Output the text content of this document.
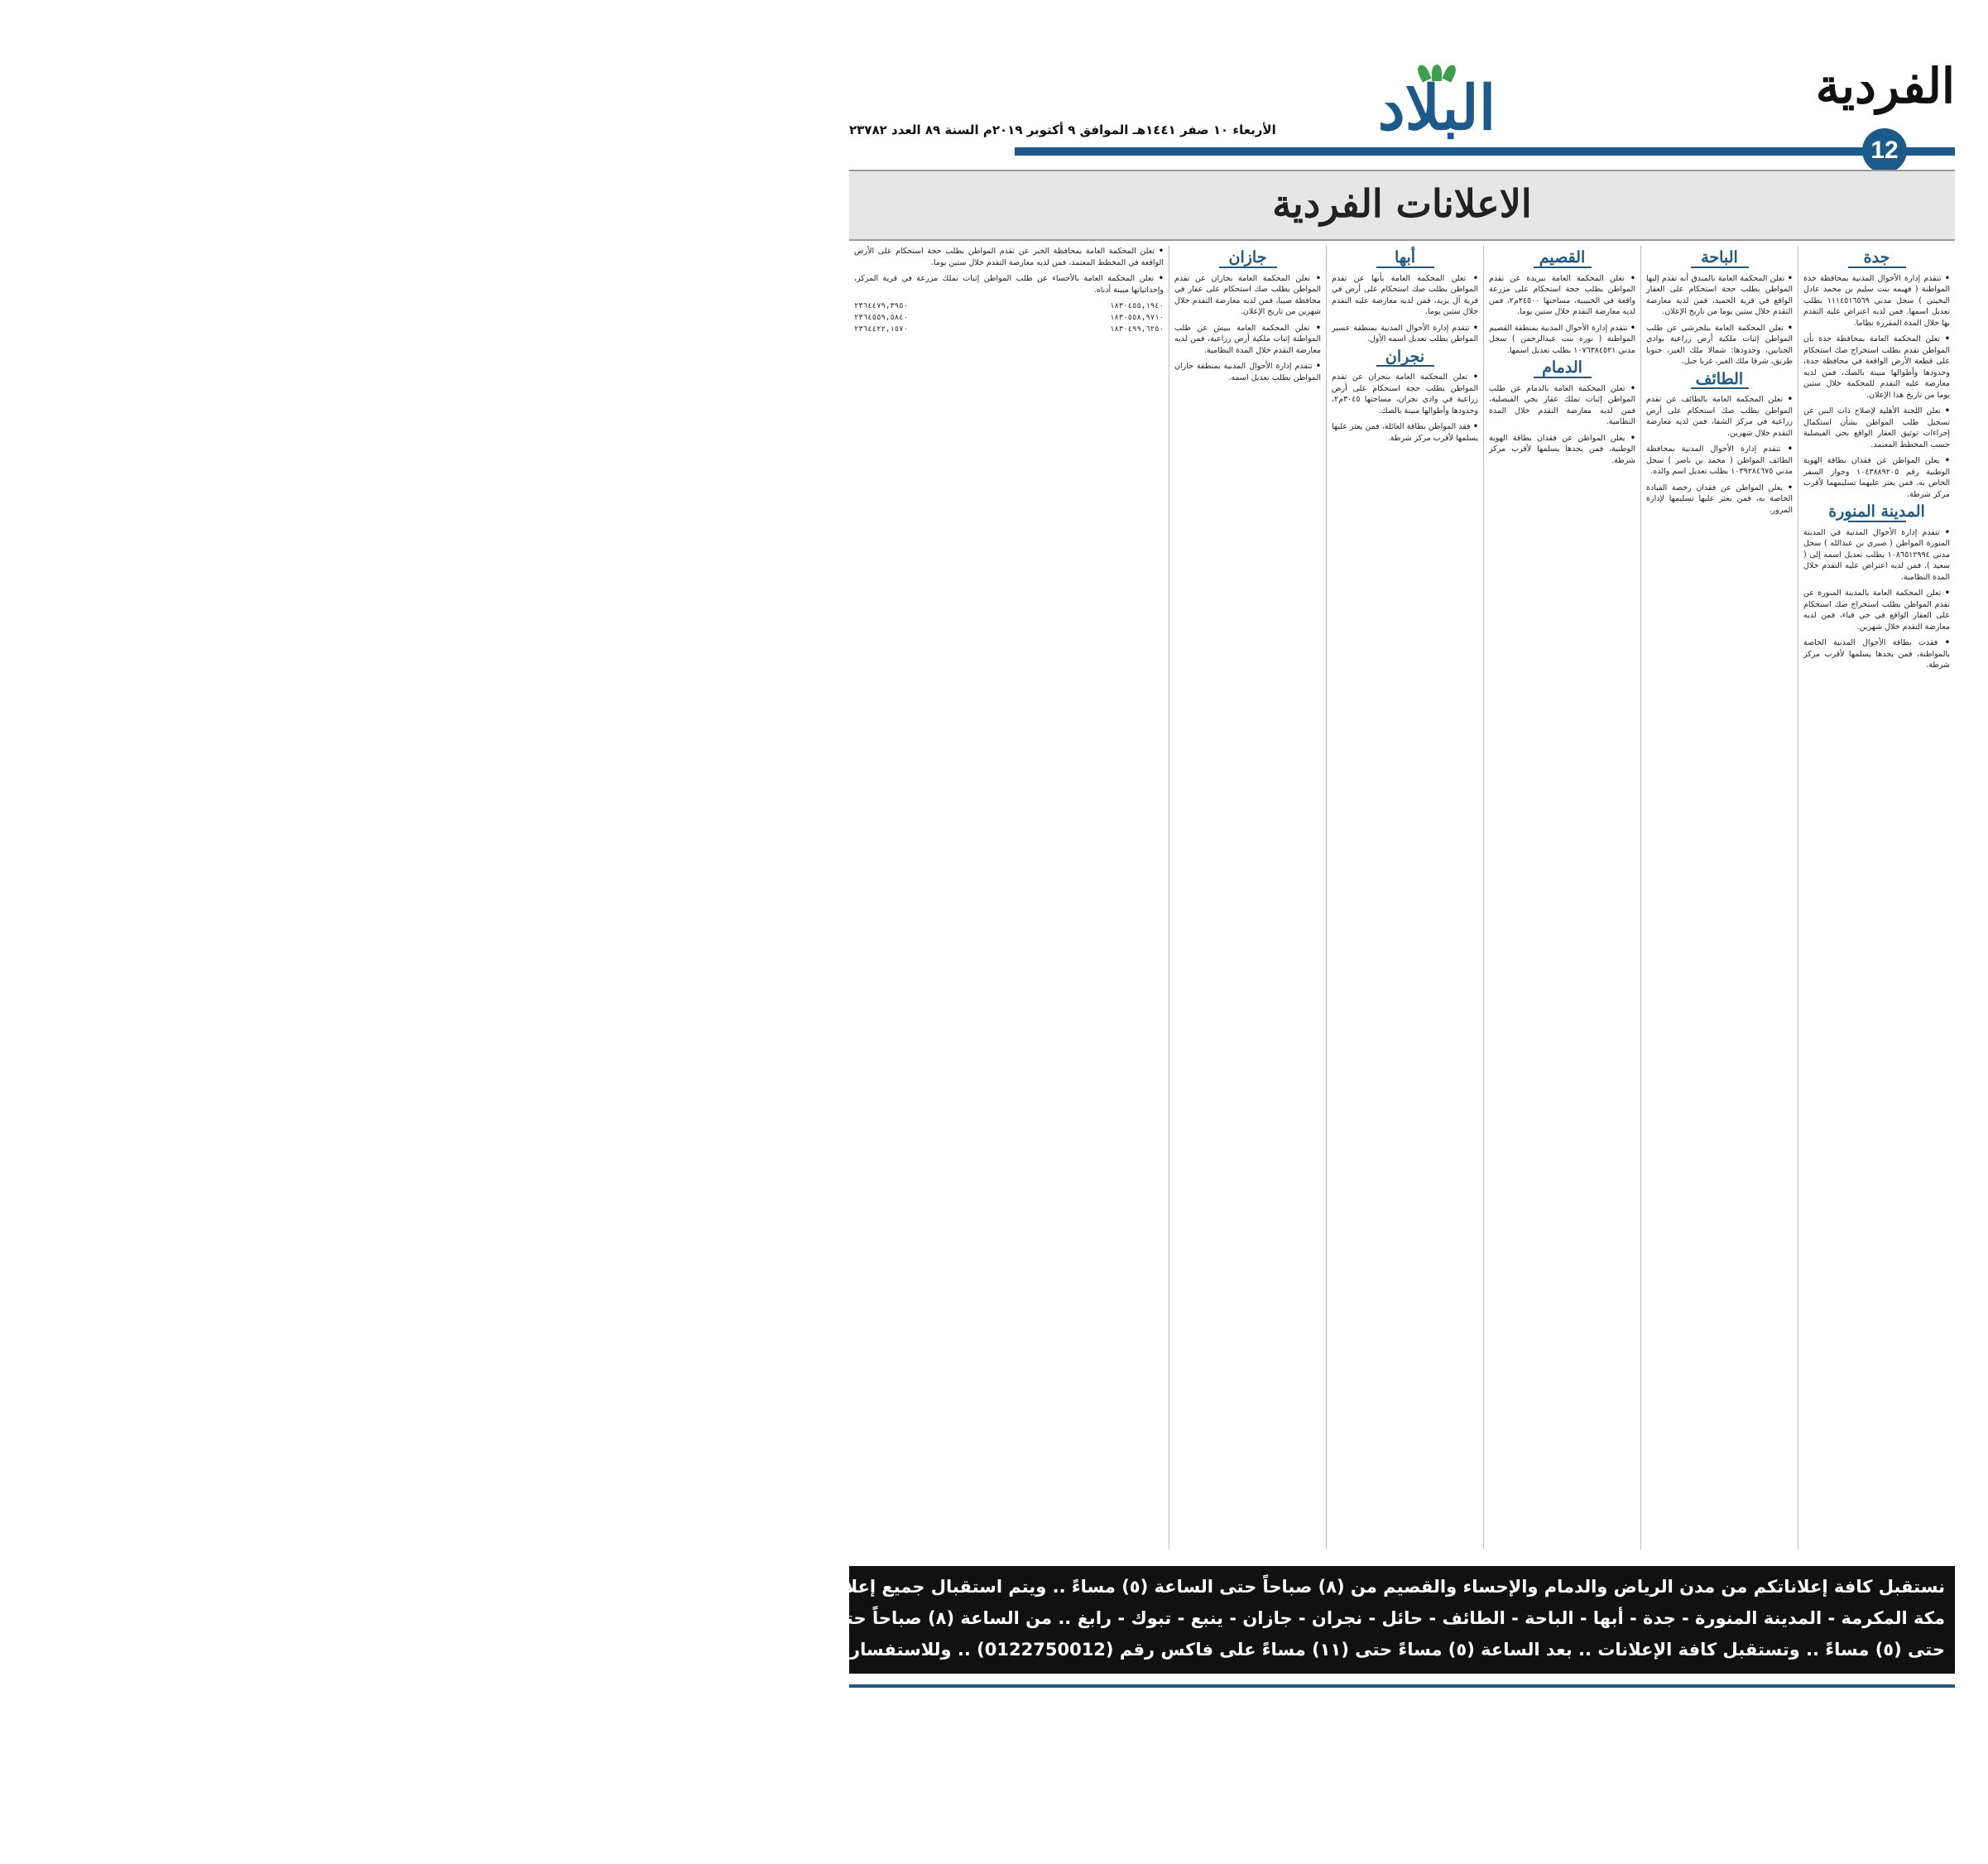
الفردية
12
البلاد
الأربعاء ١٠ صفر ١٤٤١هـ الموافق ٩ أكتوبر ٢٠١٩م السنة ٨٩ العدد ٢٣٧٨٢
الاعلانات الفردية
جدة

• تتقدم إدارة الأحوال المدنية بمحافظة جدة المواطنة ( فهيمه بنت سليم بن محمد عادل البخيتي ) سجل مدني ١١١٤٥١٦٥٦٩ بطلب تعديل اسمها. فمن لديه اعتراض عليه التقدم بها خلال المدة المقررة نظاما.

• تعلن المحكمة العامة بمحافظة جدة بأن المواطن تقدم بطلب استخراج صك استحكام على قطعة الأرض الواقعة في محافظة جدة، وحدودها وأطوالها مبينة بالصك، فمن لديه معارضة عليه التقدم للمحكمة خلال ستين يوما من تاريخ هذا الإعلان.

• تعلن اللجنة الأهلية لإصلاح ذات البين عن تسجيل طلب المواطن بشأن استكمال إجراءات توثيق العقار الواقع بحي الفيصلية حسب المخطط المعتمد.

• يعلن المواطن عن فقدان بطاقة الهوية الوطنية رقم ١٠٤٣٨٨٩٢٠٥ وجواز السفر الخاص به، فمن يعثر عليهما تسليمهما لأقرب مركز شرطة.

المدينة المنورة

• تتقدم إدارة الأحوال المدنية في المدينة المنورة المواطن ( صبري بن عبدالله ) سجل مدني ١٠٨٦٥١٢٩٩٤ بطلب تعديل اسمه إلى ( سعيد ). فمن لديه اعتراض عليه التقدم خلال المدة النظامية.

• تعلن المحكمة العامة بالمدينة المنورة عن تقدم المواطن بطلب استخراج صك استحكام على العقار الواقع في حي قباء، فمن لديه معارضة التقدم خلال شهرين.

• فقدت بطاقة الأحوال المدنية الخاصة بالمواطنة، فمن يجدها يسلمها لأقرب مركز شرطة.

الباحة

• تعلن المحكمة العامة بالمندق أنه تقدم إليها المواطن بطلب حجة استحكام على العقار الواقع في قرية الحميد، فمن لديه معارضة التقدم خلال ستين يوما من تاريخ الإعلان.

• تعلن المحكمة العامة ببلجرشي عن طلب المواطن إثبات ملكية أرض زراعية بوادي الجنابين، وحدودها: شمالا ملك الغير، جنوبا طريق، شرقا ملك الغير، غربا جبل.

الطائف

• تعلن المحكمة العامة بالطائف عن تقدم المواطن بطلب صك استحكام على أرض زراعية في مركز الشفا، فمن لديه معارضة التقدم خلال شهرين.

• تتقدم إدارة الأحوال المدنية بمحافظة الطائف المواطن ( محمد بن ناصر ) سجل مدني ١٠٣٩٢٨٤٦٧٥ بطلب تعديل اسم والده.

• يعلن المواطن عن فقدان رخصة القيادة الخاصة به، فمن يعثر عليها تسليمها لإدارة المرور.

القصيم

• تعلن المحكمة العامة ببريدة عن تقدم المواطن بطلب حجة استحكام على مزرعة واقعة في الخبيبية، مساحتها ٢٤٥٠٠م٢، فمن لديه معارضة التقدم خلال ستين يوما.

• تتقدم إدارة الأحوال المدنية بمنطقة القصيم المواطنة ( نوره بنت عبدالرحمن ) سجل مدني ١٠٧٦٣٨٤٥٢١ بطلب تعديل اسمها.

الدمام

• تعلن المحكمة العامة بالدمام عن طلب المواطن إثبات تملك عقار بحي الفيصلية، فمن لديه معارضة التقدم خلال المدة النظامية.

• يعلن المواطن عن فقدان بطاقة الهوية الوطنية، فمن يجدها يسلمها لأقرب مركز شرطة.

أبها

• تعلن المحكمة العامة بأبها عن تقدم المواطن بطلب صك استحكام على أرض في قرية آل يزيد، فمن لديه معارضة عليه التقدم خلال ستين يوما.

• تتقدم إدارة الأحوال المدنية بمنطقة عسير المواطن بطلب تعديل اسمه الأول.

نجران

• تعلن المحكمة العامة بنجران عن تقدم المواطن بطلب حجة استحكام على أرض زراعية في وادي نجران، مساحتها ٣٠٤٥م٢، وحدودها وأطوالها مبينة بالصك.

• فقد المواطن بطاقة العائلة، فمن يعثر عليها يسلمها لأقرب مركز شرطة.

جازان

• تعلن المحكمة العامة بجازان عن تقدم المواطن بطلب صك استحكام على عقار في محافظة صبيا، فمن لديه معارضة التقدم خلال شهرين من تاريخ الإعلان.

• تعلن المحكمة العامة ببيش عن طلب المواطنة إثبات ملكية أرض زراعية، فمن لديه معارضة التقدم خلال المدة النظامية.

• تتقدم إدارة الأحوال المدنية بمنطقة جازان المواطن بطلب تعديل اسمه.

• تعلن المحكمة العامة بمحافظة الخبر عن تقدم المواطن بطلب حجة استحكام على الأرض الواقعة في المخطط المعتمد، فمن لديه معارضة التقدم خلال ستين يوما.

• تعلن المحكمة العامة بالأحساء عن طلب المواطن إثبات تملك مزرعة في قرية المركز، وإحداثياتها مبينة أدناه.

٢٣٦٤٤٧٩,٣٩٥٠	١٨٣٠٤٥٥,١٩٤٠
٢٣٦٤٥٥٩,٥٨٤٠	١٨٣٠٥٥٨,٩٧١٠
٢٣٦٤٤٢٢,١٥٧٠	١٨٣٠٤٩٩,٦٢٥٠
نستقبل كافة إعلاناتكم من مدن الرياض والدمام والإحساء والقصيم من (٨) صباحاً حتى الساعة (٥) مساءً .. ويتم استقبال جميع إعلانات باقي الفروع التي تشمل كل من
مكة المكرمة - المدينة المنورة - جدة - أبها - الباحة - الطائف - حائل - نجران - جازان - ينبع - تبوك - رابغ .. من الساعة (٨) صباحاً حتى (١١) ليلاً .. تستقبل الإعلانات من كافة الفروع على هاتف (0126711000) فاكس (0126716241)
حتى (٥) مساءً .. وتستقبل كافة الإعلانات .. بعد الساعة (٥) مساءً حتى (١١) مساءً على فاكس رقم (0122750012) .. وللاستفسار عن الإعلانات على مدار الساعة .. نأمل الاتصال على جوال (0567878781)
